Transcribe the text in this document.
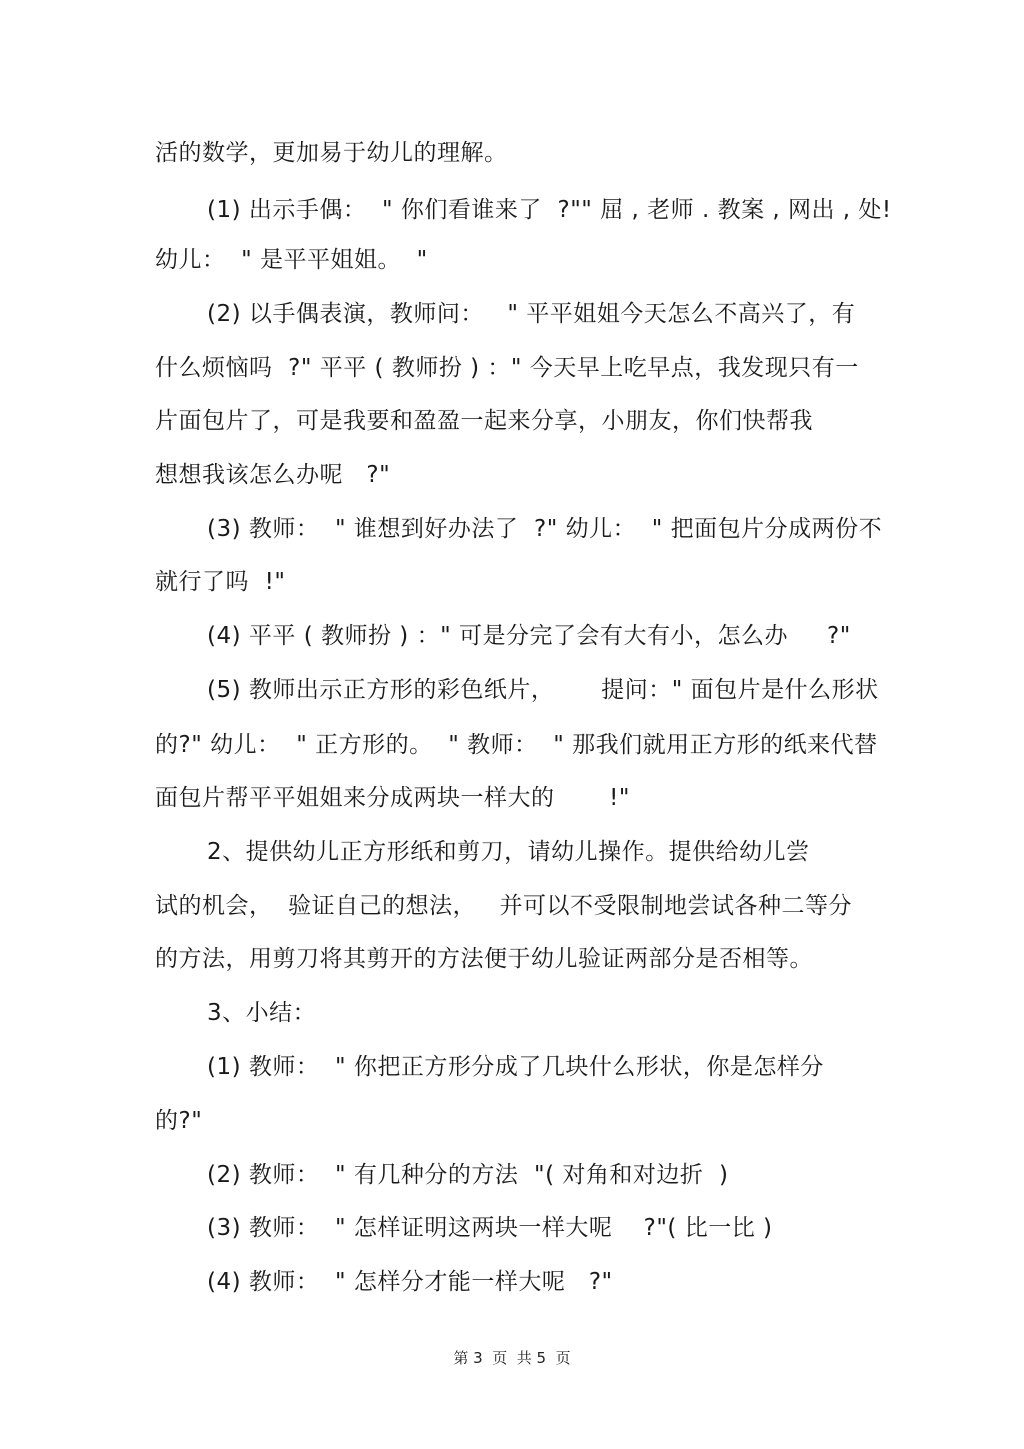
活的数学，更加易于幼儿的理解。
(1) 出示手偶：  " 你们看谁来了  ?"" 屈 , 老师 . 教案 , 网出 , 处!
幼儿：  " 是平平姐姐。  "
(2) 以手偶表演，教师问：   " 平平姐姐今天怎么不高兴了，有
什么烦恼吗  ?" 平平 ( 教师扮 ) ：" 今天早上吃早点，我发现只有一
片面包片了，可是我要和盈盈一起来分享，小朋友，你们快帮我
想想我该怎么办呢   ?"
(3) 教师：  " 谁想到好办法了  ?" 幼儿：  " 把面包片分成两份不
就行了吗  !"
(4) 平平 ( 教师扮 ) ：" 可是分完了会有大有小，怎么办     ?"
(5) 教师出示正方形的彩色纸片，      提问：" 面包片是什么形状
的?" 幼儿：  " 正方形的。  " 教师：  " 那我们就用正方形的纸来代替
面包片帮平平姐姐来分成两块一样大的       !"
2、提供幼儿正方形纸和剪刀，请幼儿操作。提供给幼儿尝
试的机会，  验证自己的想法，   并可以不受限制地尝试各种二等分
的方法，用剪刀将其剪开的方法便于幼儿验证两部分是否相等。
3、小结：
(1) 教师：  " 你把正方形分成了几块什么形状，你是怎样分
的?"
(2) 教师：  " 有几种分的方法  "( 对角和对边折  )
(3) 教师：  " 怎样证明这两块一样大呢    ?"( 比一比 )
(4) 教师：  " 怎样分才能一样大呢   ?"
第 3  页  共 5  页
